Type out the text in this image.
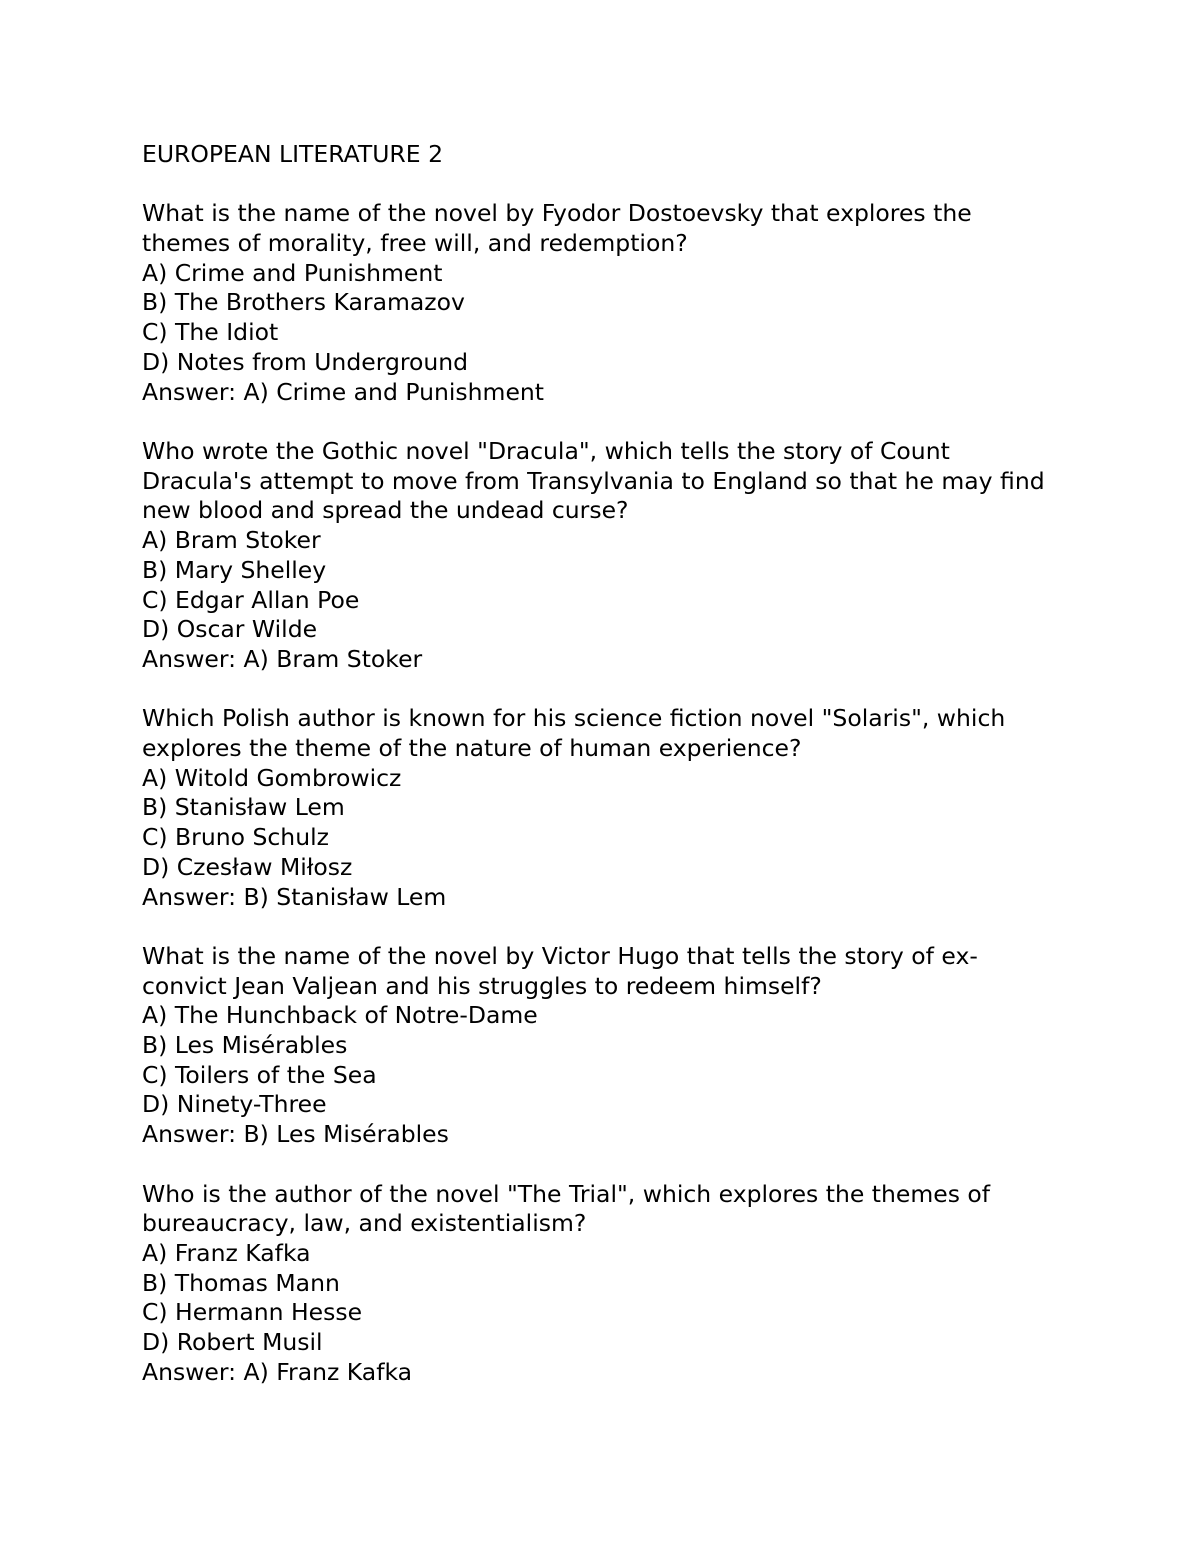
EUROPEAN LITERATURE 2
What is the name of the novel by Fyodor Dostoevsky that explores the themes of morality, free will, and redemption?
A) Crime and Punishment
B) The Brothers Karamazov
C) The Idiot
D) Notes from Underground
Answer: A) Crime and Punishment
Who wrote the Gothic novel "Dracula", which tells the story of Count Dracula's attempt to move from Transylvania to England so that he may find new blood and spread the undead curse?
A) Bram Stoker
B) Mary Shelley
C) Edgar Allan Poe
D) Oscar Wilde
Answer: A) Bram Stoker
Which Polish author is known for his science fiction novel "Solaris", which explores the theme of the nature of human experience?
A) Witold Gombrowicz
B) Stanisław Lem
C) Bruno Schulz
D) Czesław Miłosz
Answer: B) Stanisław Lem
What is the name of the novel by Victor Hugo that tells the story of ex-convict Jean Valjean and his struggles to redeem himself?
A) The Hunchback of Notre-Dame
B) Les Misérables
C) Toilers of the Sea
D) Ninety-Three
Answer: B) Les Misérables
Who is the author of the novel "The Trial", which explores the themes of bureaucracy, law, and existentialism?
A) Franz Kafka
B) Thomas Mann
C) Hermann Hesse
D) Robert Musil
Answer: A) Franz Kafka
